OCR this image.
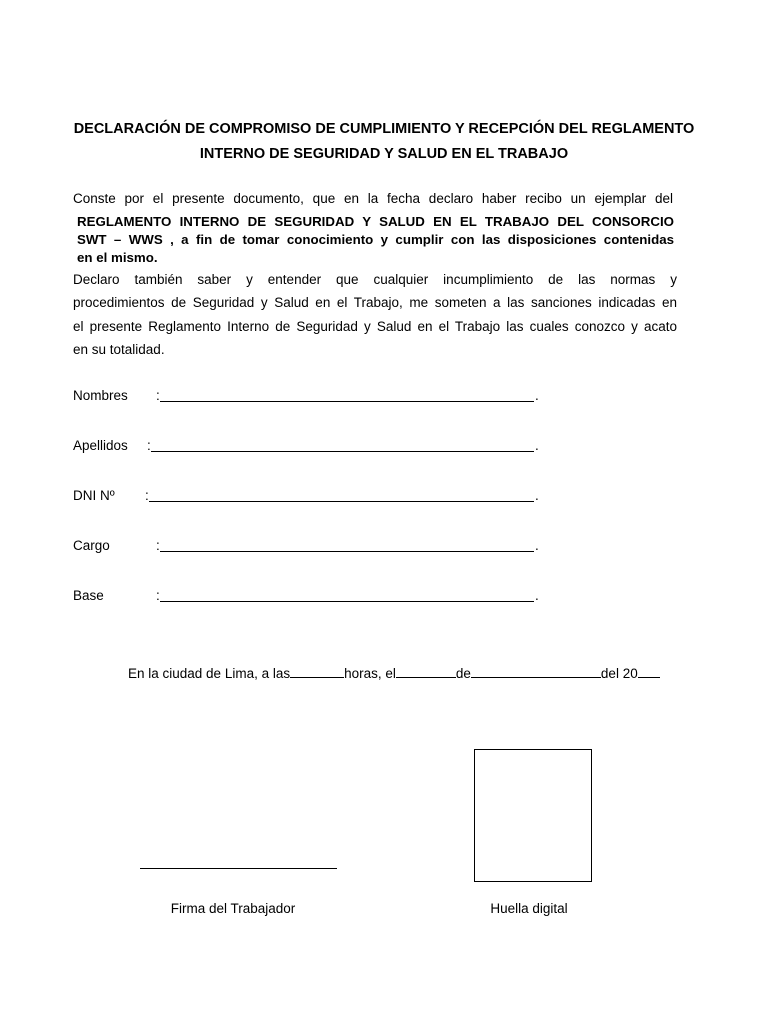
DECLARACIÓN DE COMPROMISO DE CUMPLIMIENTO Y RECEPCIÓN DEL REGLAMENTO
INTERNO DE SEGURIDAD Y SALUD EN EL TRABAJO
Conste por el presente documento, que en la fecha declaro haber recibo un ejemplar del
REGLAMENTO INTERNO DE SEGURIDAD Y SALUD EN EL TRABAJO DEL CONSORCIO
SWT – WWS , a fin de tomar conocimiento y cumplir con las disposiciones contenidas
en el mismo.
Declaro también saber y entender que cualquier incumplimiento de las normas y
procedimientos de Seguridad y Salud en el Trabajo, me someten a las sanciones indicadas en
el presente Reglamento Interno de Seguridad y Salud en el Trabajo las cuales conozco y acato
en su totalidad.
Nombres :	.
Apellidos :	.
DNI Nº :	.
Cargo	:	.
Base	:	.
En la ciudad de Lima, a las	horas, el	de	del 20
Firma del Trabajador	Huella digital
